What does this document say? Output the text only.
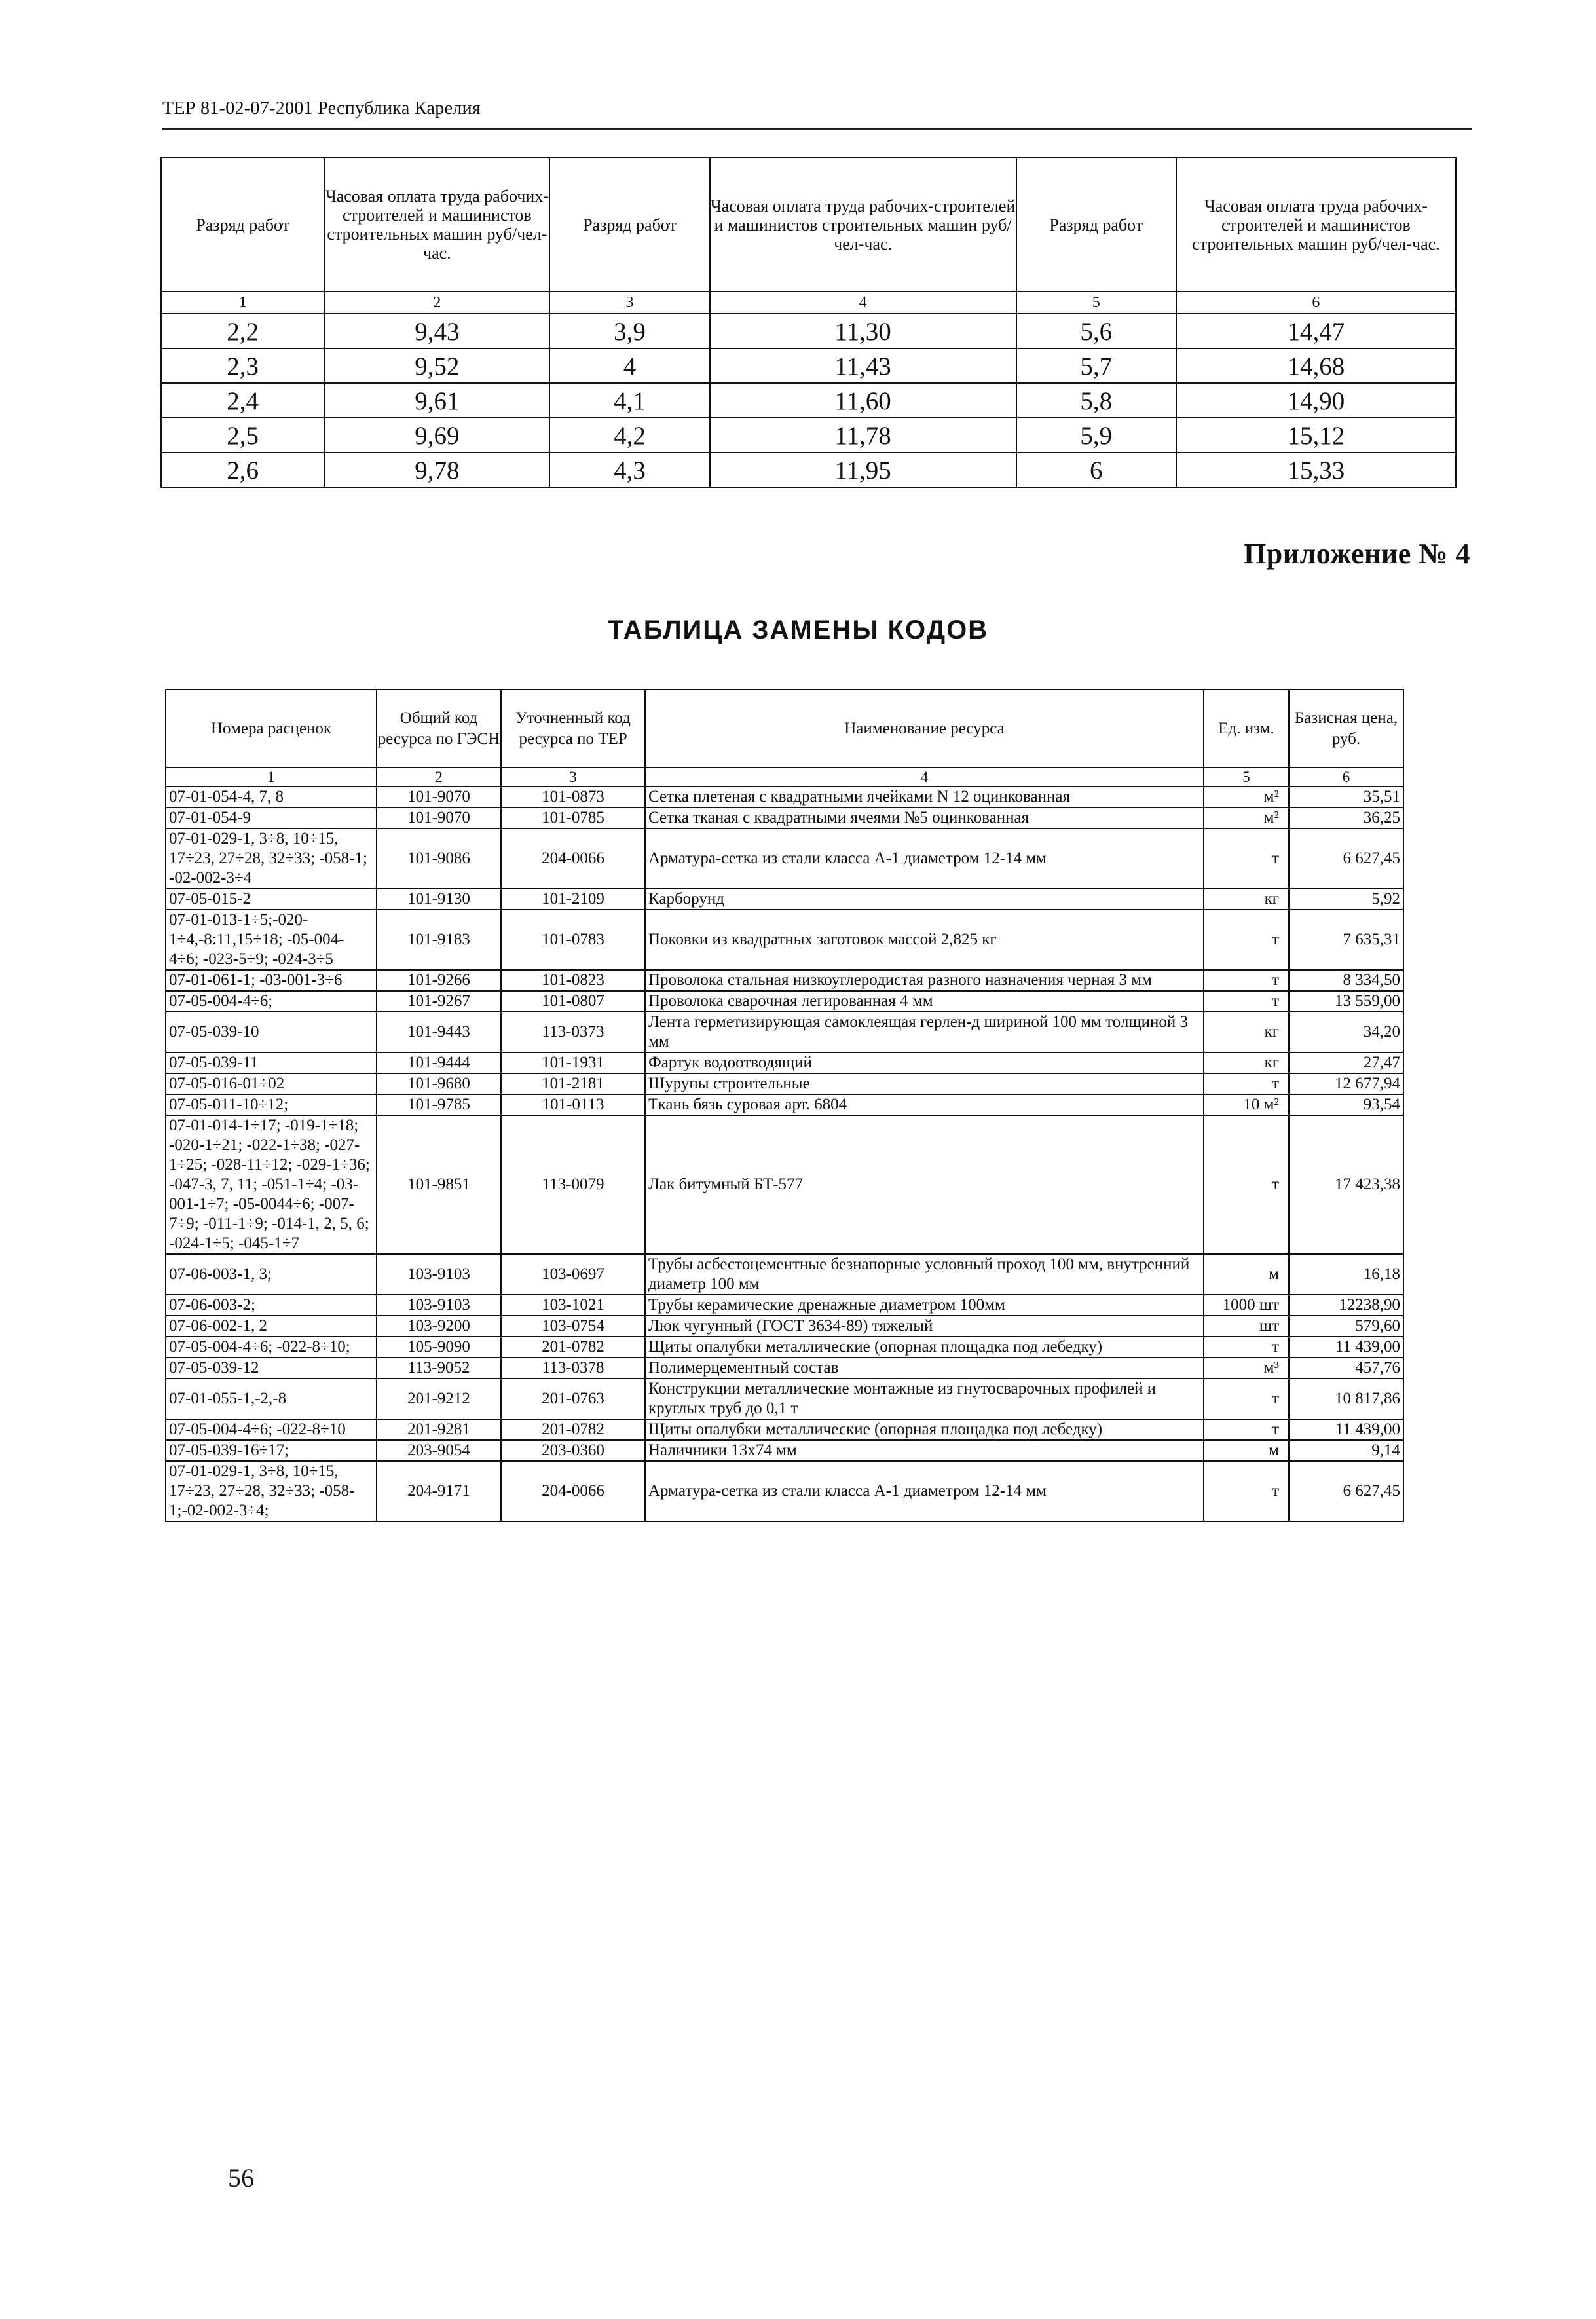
ТЕР 81-02-07-2001 Республика Карелия
Разряд работ	Часовая оплата труда рабочих-строителей и машинистов строительных машин руб/чел-час.	Разряд работ	Часовая оплата труда рабочих-строителей и машинистов строительных машин руб/чел-час.	Разряд работ	Часовая оплата труда рабочих-строителей и машинистов строительных машин руб/чел-час.
1	2	3	4	5	6
2,2	9,43	3,9	11,30	5,6	14,47
2,3	9,52	4	11,43	5,7	14,68
2,4	9,61	4,1	11,60	5,8	14,90
2,5	9,69	4,2	11,78	5,9	15,12
2,6	9,78	4,3	11,95	6	15,33
Приложение № 4
ТАБЛИЦА ЗАМЕНЫ КОДОВ
Номера расценок	Общий код ресурса по ГЭСН	Уточненный код ресурса по ТЕР	Наименование ресурса	Ед. изм.	Базисная цена, руб.
1	2	3	4	5	6
07-01-054-4, 7, 8	101-9070	101-0873	Сетка плетеная с квадратными ячейками N 12 оцинкованная	м²	35,51
07-01-054-9	101-9070	101-0785	Сетка тканая с квадратными ячеями №5 оцинкованная	м²	36,25
07-01-029-1, 3÷8, 10÷15, 17÷23, 27÷28, 32÷33; -058-1; -02-002-3÷4	101-9086	204-0066	Арматура-сетка из стали класса А-1 диаметром 12-14 мм	т	6 627,45
07-05-015-2	101-9130	101-2109	Карборунд	кг	5,92
07-01-013-1÷5;-020-1÷4,-8:11,15÷18; -05-004-4÷6; -023-5÷9; -024-3÷5	101-9183	101-0783	Поковки из квадратных заготовок массой 2,825 кг	т	7 635,31
07-01-061-1; -03-001-3÷6	101-9266	101-0823	Проволока стальная низкоуглеродистая разного назначения черная 3 мм	т	8 334,50
07-05-004-4÷6;	101-9267	101-0807	Проволока сварочная легированная 4 мм	т	13 559,00
07-05-039-10	101-9443	113-0373	Лента герметизирующая самоклеящая герлен-д шириной 100 мм толщиной 3 мм	кг	34,20
07-05-039-11	101-9444	101-1931	Фартук водоотводящий	кг	27,47
07-05-016-01÷02	101-9680	101-2181	Шурупы строительные	т	12 677,94
07-05-011-10÷12;	101-9785	101-0113	Ткань бязь суровая арт. 6804	10 м²	93,54
07-01-014-1÷17; -019-1÷18; -020-1÷21; -022-1÷38; -027-1÷25; -028-11÷12; -029-1÷36; -047-3, 7, 11; -051-1÷4; -03-001-1÷7; -05-0044÷6; -007-7÷9; -011-1÷9; -014-1, 2, 5, 6; -024-1÷5; -045-1÷7	101-9851	113-0079	Лак битумный БТ-577	т	17 423,38
07-06-003-1, 3;	103-9103	103-0697	Трубы асбестоцементные безнапорные условный проход 100 мм, внутренний диаметр 100 мм	м	16,18
07-06-003-2;	103-9103	103-1021	Трубы керамические дренажные диаметром 100мм	1000 шт	12238,90
07-06-002-1, 2	103-9200	103-0754	Люк чугунный (ГОСТ 3634-89) тяжелый	шт	579,60
07-05-004-4÷6; -022-8÷10;	105-9090	201-0782	Щиты опалубки металлические (опорная площадка под лебедку)	т	11 439,00
07-05-039-12	113-9052	113-0378	Полимерцементный состав	м³	457,76
07-01-055-1,-2,-8	201-9212	201-0763	Конструкции металлические монтажные из гнутосварочных профилей и круглых труб до 0,1 т	т	10 817,86
07-05-004-4÷6; -022-8÷10	201-9281	201-0782	Щиты опалубки металлические (опорная площадка под лебедку)	т	11 439,00
07-05-039-16÷17;	203-9054	203-0360	Наличники 13х74 мм	м	9,14
07-01-029-1, 3÷8, 10÷15, 17÷23, 27÷28, 32÷33; -058-1;-02-002-3÷4;	204-9171	204-0066	Арматура-сетка из стали класса А-1 диаметром 12-14 мм	т	6 627,45
56
